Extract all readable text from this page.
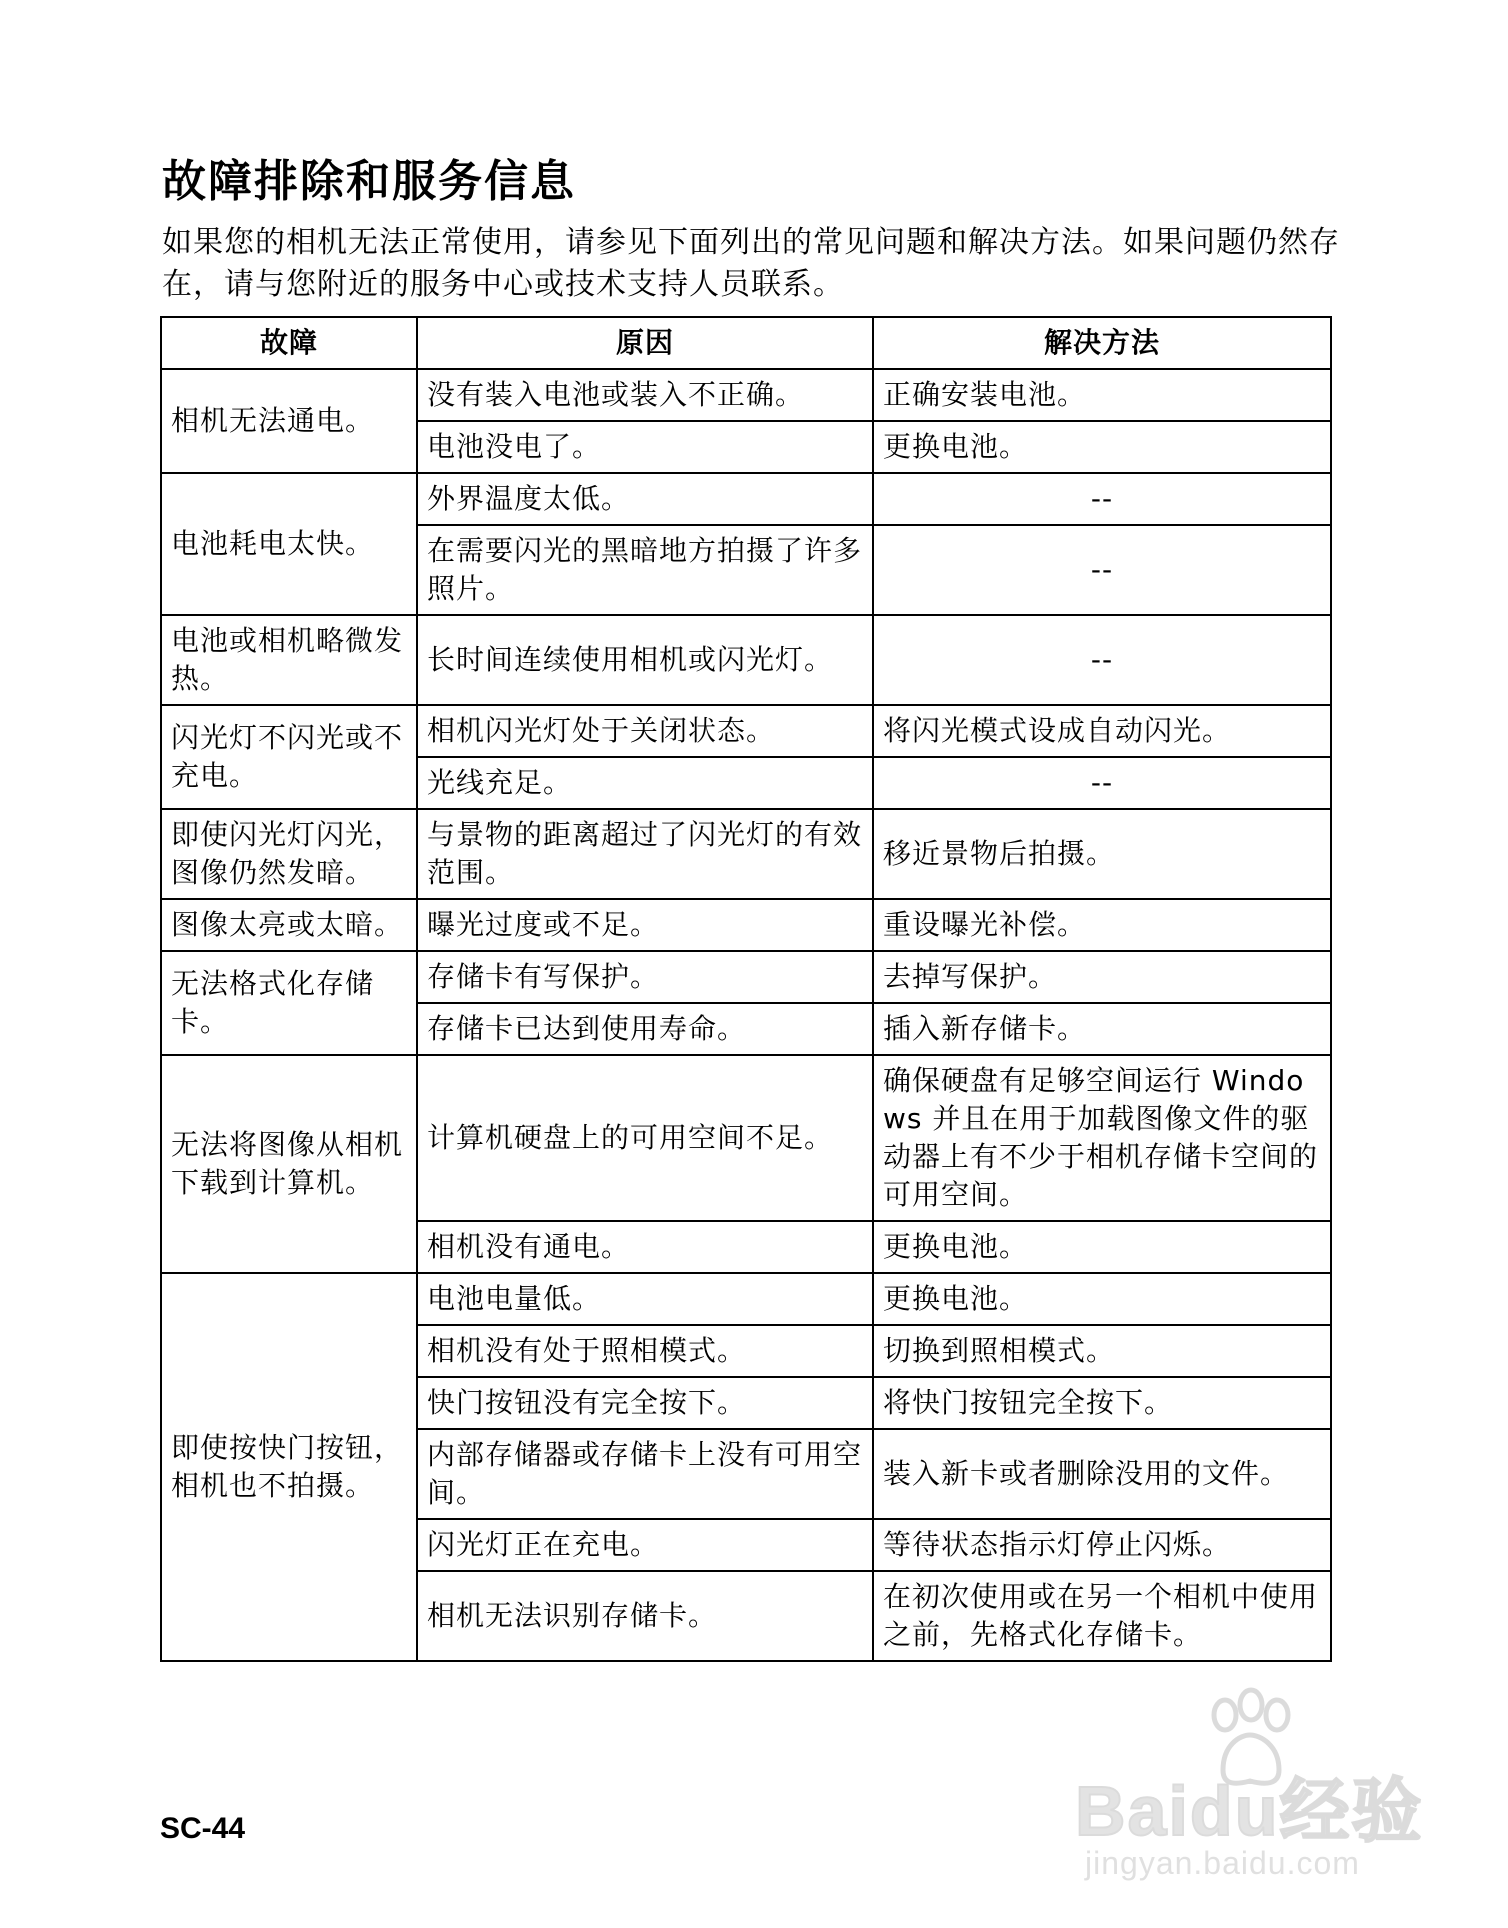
故障排除和服务信息
如果您的相机无法正常使用，请参见下面列出的常见问题和解决方法。如果问题仍然存在，请与您附近的服务中心或技术支持人员联系。
故障	原因	解决方法
相机无法通电。	没有装入电池或装入不正确。	正确安装电池。
	电池没电了。	更换电池。
电池耗电太快。	外界温度太低。	--
	在需要闪光的黑暗地方拍摄了许多照片。	--
电池或相机略微发热。	长时间连续使用相机或闪光灯。	--
闪光灯不闪光或不充电。	相机闪光灯处于关闭状态。	将闪光模式设成自动闪光。
	光线充足。	--
即使闪光灯闪光，图像仍然发暗。	与景物的距离超过了闪光灯的有效范围。	移近景物后拍摄。
图像太亮或太暗。	曝光过度或不足。	重设曝光补偿。
无法格式化存储卡。	存储卡有写保护。	去掉写保护。
	存储卡已达到使用寿命。	插入新存储卡。
无法将图像从相机下载到计算机。	计算机硬盘上的可用空间不足。	确保硬盘有足够空间运行 Windows 并且在用于加载图像文件的驱动器上有不少于相机存储卡空间的可用空间。
	相机没有通电。	更换电池。
即使按快门按钮，相机也不拍摄。	电池电量低。	更换电池。
	相机没有处于照相模式。	切换到照相模式。
	快门按钮没有完全按下。	将快门按钮完全按下。
	内部存储器或存储卡上没有可用空间。	装入新卡或者删除没用的文件。
	闪光灯正在充电。	等待状态指示灯停止闪烁。
	相机无法识别存储卡。	在初次使用或在另一个相机中使用之前，先格式化存储卡。
SC-44	Baidu经验
jingyan.baidu.com
